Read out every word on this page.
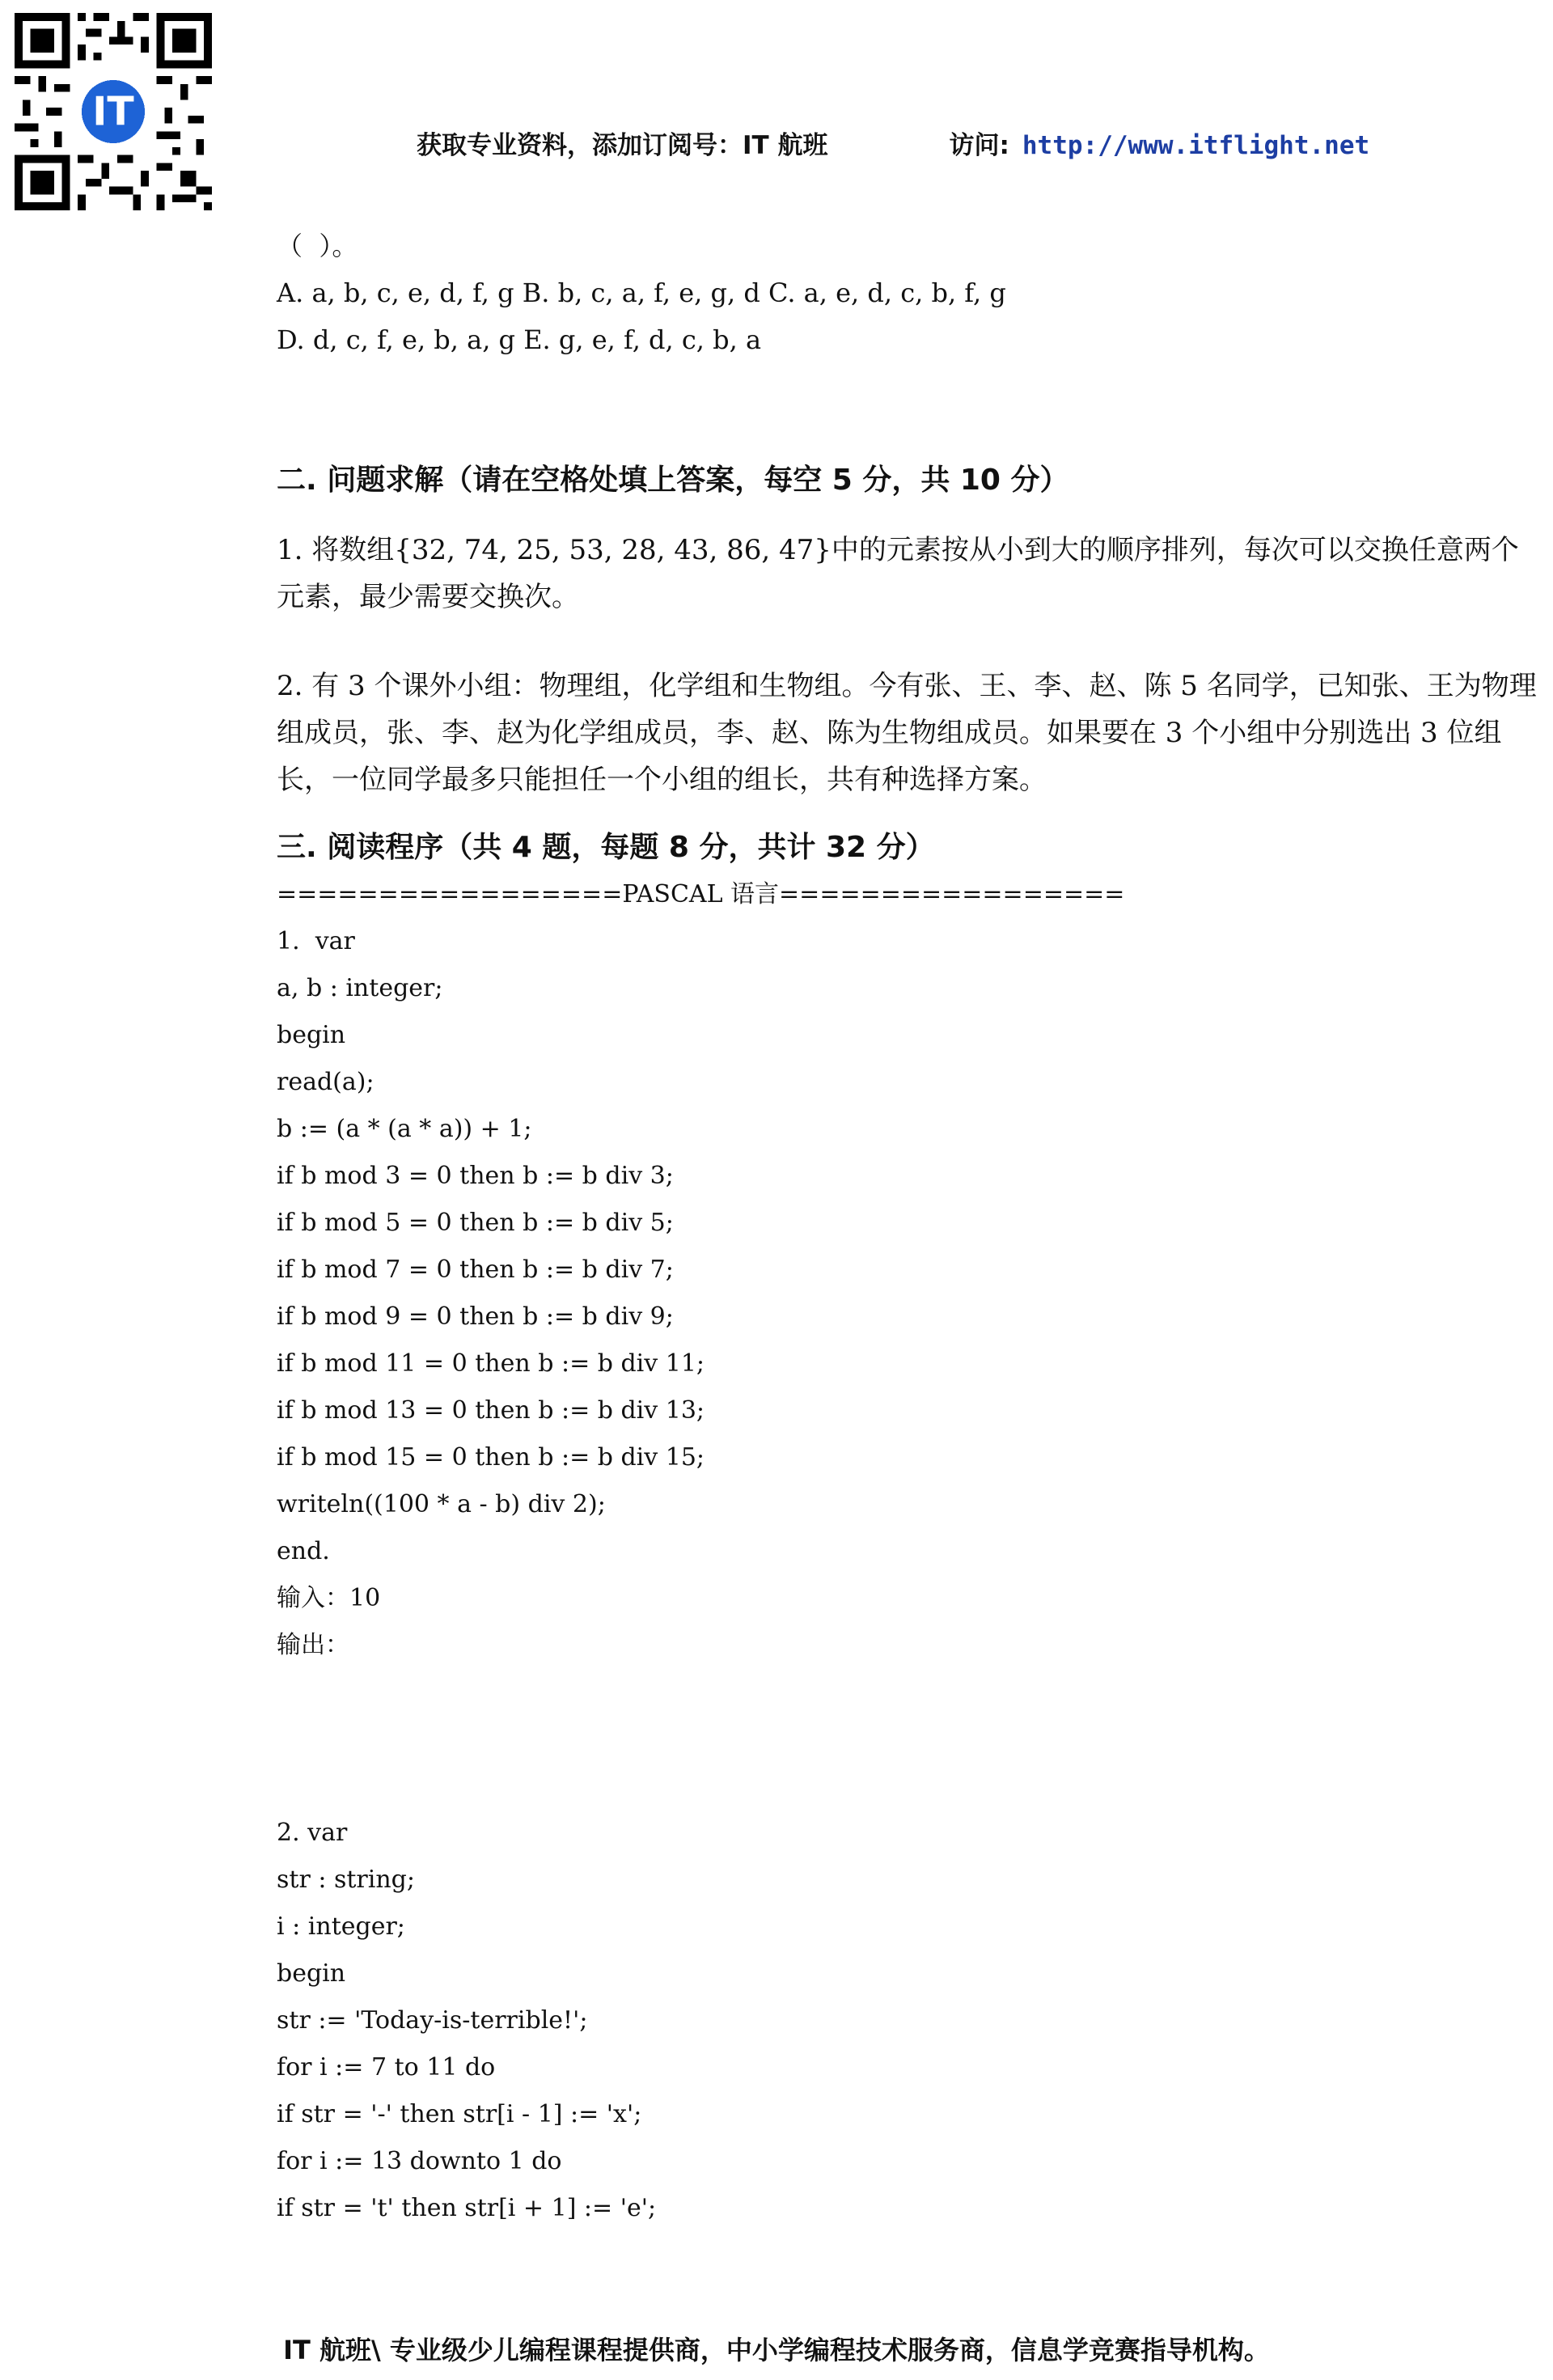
IT
获取专业资料，添加订阅号：IT 航班	访问: http://www.itflight.net
（  ）。
A. a, b, c, e, d, f, g B. b, c, a, f, e, g, d C. a, e, d, c, b, f, g
D. d, c, f, e, b, a, g E. g, e, f, d, c, b, a
二. 问题求解（请在空格处填上答案，每空 5 分，共 10 分）
1. 将数组{32, 74, 25, 53, 28, 43, 86, 47}中的元素按从小到大的顺序排列，每次可以交换任意两个元素，最少需要交换次。
2. 有 3 个课外小组：物理组，化学组和生物组。今有张、王、李、赵、陈 5 名同学，已知张、王为物理组成员，张、李、赵为化学组成员，李、赵、陈为生物组成员。如果要在 3 个小组中分别选出 3 位组长，一位同学最多只能担任一个小组的组长，共有种选择方案。
三. 阅读程序（共 4 题，每题 8 分，共计 32 分）
=================PASCAL 语言=================
1.  var
a, b : integer;
begin
read(a);
b := (a * (a * a)) + 1;
if b mod 3 = 0 then b := b div 3;
if b mod 5 = 0 then b := b div 5;
if b mod 7 = 0 then b := b div 7;
if b mod 9 = 0 then b := b div 9;
if b mod 11 = 0 then b := b div 11;
if b mod 13 = 0 then b := b div 13;
if b mod 15 = 0 then b := b div 15;
writeln((100 * a - b) div 2);
end.
输入：10
输出：
2. var
str : string;
i : integer;
begin
str := 'Today-is-terrible!';
for i := 7 to 11 do
if str = '-' then str[i - 1] := 'x';
for i := 13 downto 1 do
if str = 't' then str[i + 1] := 'e';
IT 航班\ 专业级少儿编程课程提供商，中小学编程技术服务商，信息学竞赛指导机构。
